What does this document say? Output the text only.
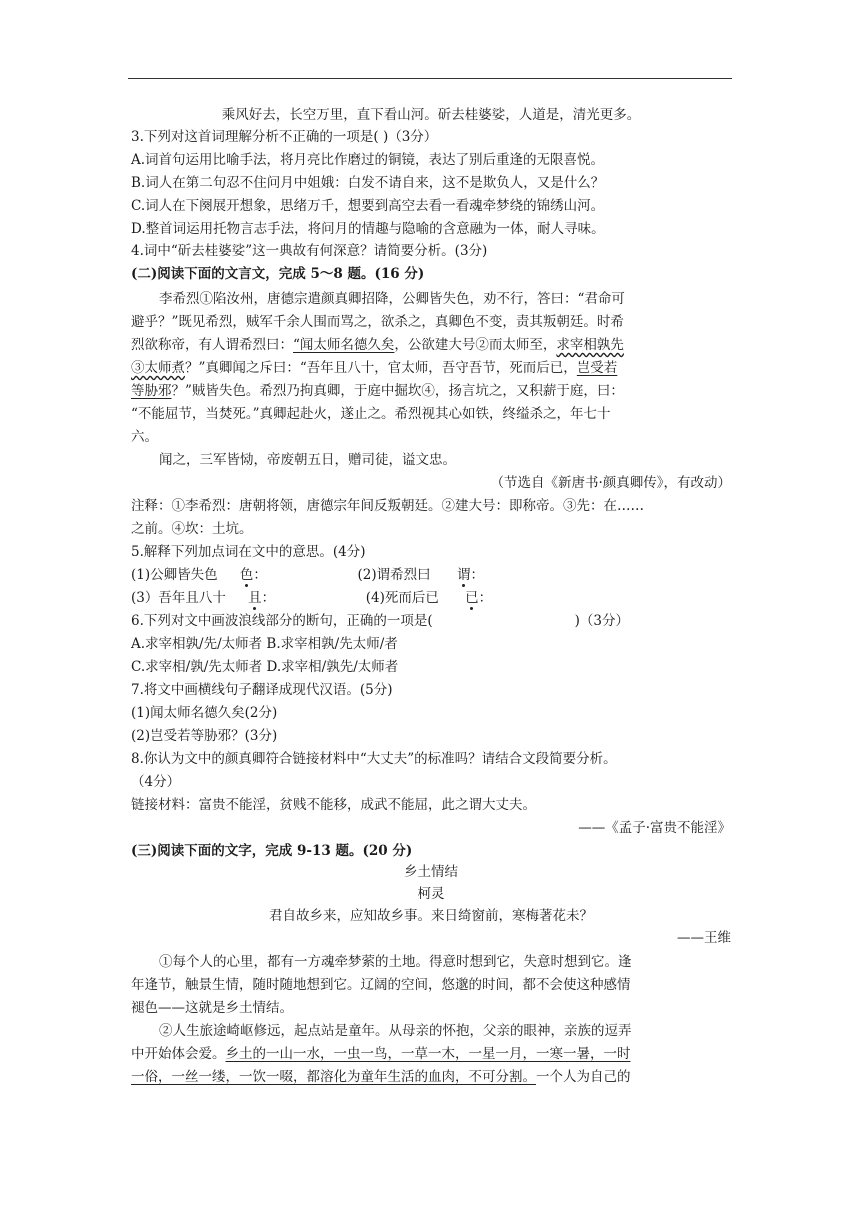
乘风好去，长空万里，直下看山河。斫去桂婆娑，人道是，清光更多。
3.下列对这首词理解分析不正确的一项是( )（3分）
A.词首句运用比喻手法，将月亮比作磨过的铜镜，表达了别后重逢的无限喜悦。
B.词人在第二句忍不住问月中姐娥：白发不请自来，这不是欺负人，又是什么？
C.词人在下阕展开想象，思绪万千，想要到高空去看一看魂牵梦绕的锦绣山河。
D.整首词运用托物言志手法，将问月的情趣与隐喻的含意融为一体，耐人寻味。
4.词中“斫去桂婆娑”这一典故有何深意？请简要分析。(3分)
(二)阅读下面的文言文，完成 5～8 题。(16 分)
李希烈①陷汝州，唐德宗遣颜真卿招降，公卿皆失色，劝不行，答曰：“君命可
避乎？”既见希烈，贼军千余人围而骂之，欲杀之，真卿色不变，责其叛朝廷。时希
烈欲称帝，有人谓希烈曰：“闻太师名德久矣，公欲建大号②而太师至，求宰相孰先
③太师煮？”真卿闻之斥曰：“吾年且八十，官太师，吾守吾节，死而后已，岂受若
等胁邪？”贼皆失色。希烈乃拘真卿，于庭中掘坎④，扬言坑之，又积薪于庭，曰：
“不能屈节，当焚死。”真卿起赴火，遂止之。希烈视其心如铁，终缢杀之，年七十
六。
闻之，三军皆恸，帝废朝五日，赠司徒，谥文忠。
（节选自《新唐书·颜真卿传》，有改动）
注释：①李希烈：唐朝将领，唐德宗年间反叛朝廷。②建大号：即称帝。③先：在……
之前。④坎：土坑。
5.解释下列加点词在文中的意思。(4分)
(1)公卿皆失色 色：	(2)谓希烈曰 谓：
(3）吾年且八十 且：	(4)死而后已 已：
6.下列对文中画波浪线部分的断句，正确的一项是(	)（3分）
A.求宰相孰/先/太师者 B.求宰相孰/先太师/者
C.求宰相/孰/先太师者 D.求宰相/孰先/太师者
7.将文中画横线句子翻译成现代汉语。(5分)
(1)闻太师名德久矣(2分)
(2)岂受若等胁邪？(3分)
8.你认为文中的颜真卿符合链接材料中“大丈夫”的标准吗？请结合文段简要分析。
（4分）
链接材料：富贵不能淫，贫贱不能移，成武不能屈，此之谓大丈夫。
——《孟子·富贵不能淫》
(三)阅读下面的文字，完成 9-13 题。(20 分)
乡土情结
柯灵
君自故乡来，应知故乡事。来日绮窗前，寒梅著花未？
——王维
①每个人的心里，都有一方魂牵梦萦的土地。得意时想到它，失意时想到它。逢
年逢节，触景生情，随时随地想到它。辽阔的空间，悠邈的时间，都不会使这种感情
褪色——这就是乡土情结。
②人生旅途崎岖修远，起点站是童年。从母亲的怀抱，父亲的眼神，亲族的逗弄
中开始体会爱。乡土的一山一水，一虫一鸟，一草一木，一星一月，一寒一暑，一时
一俗，一丝一缕，一饮一啜，都溶化为童年生活的血肉，不可分割。一个人为自己的
